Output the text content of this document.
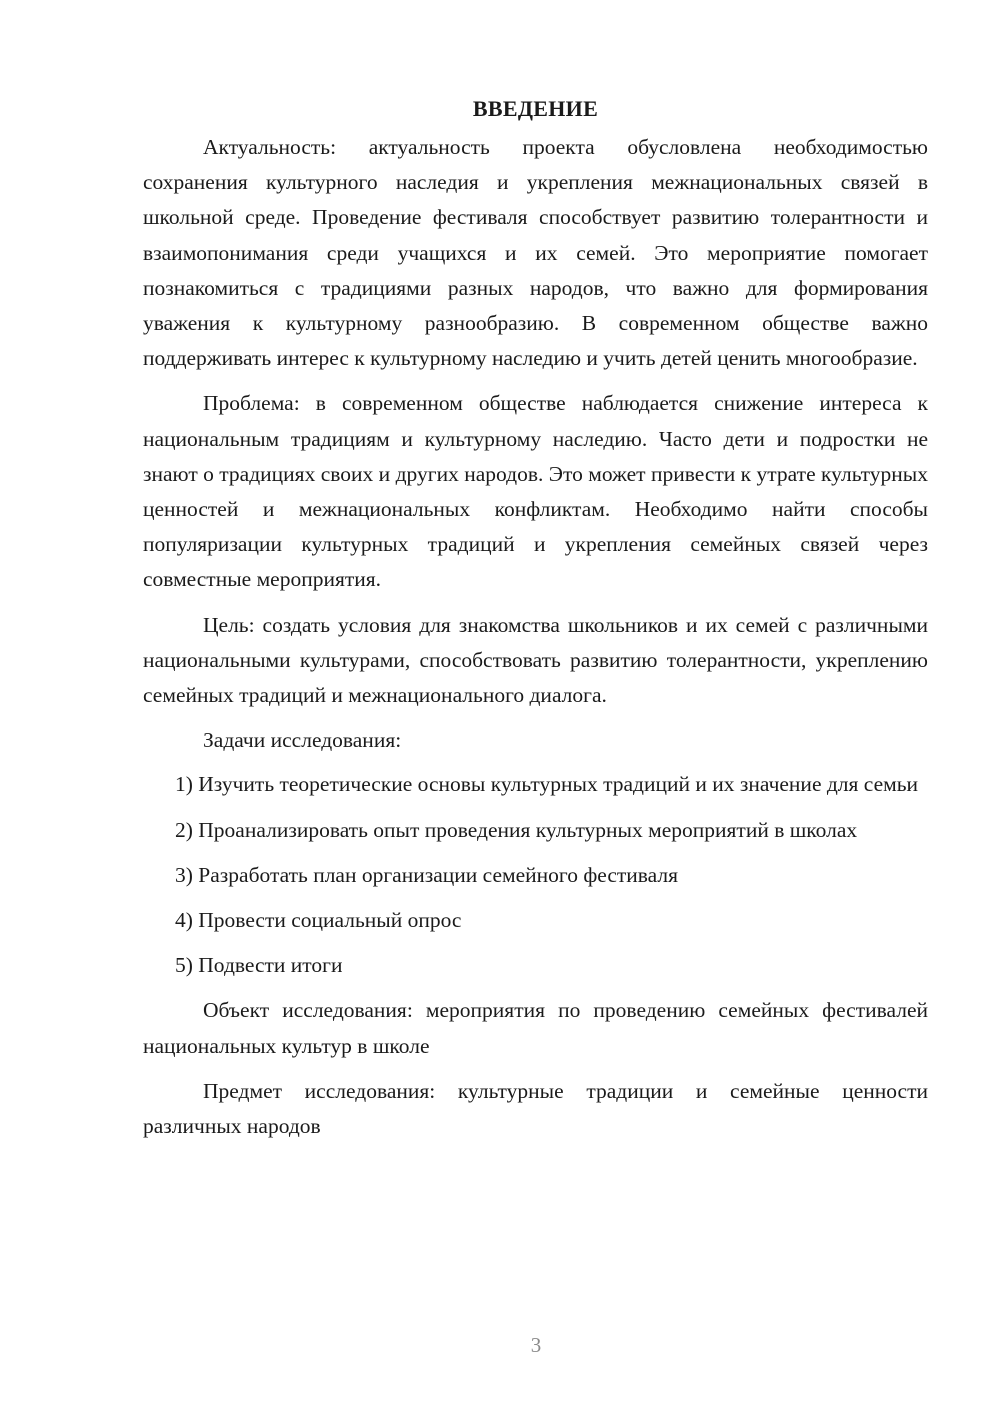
ВВЕДЕНИЕ

Актуальность: актуальность проекта обусловлена необходимостью сохранения культурного наследия и укрепления межнациональных связей в школьной среде. Проведение фестиваля способствует развитию толерантности и взаимопонимания среди учащихся и их семей. Это мероприятие помогает познакомиться с традициями разных народов, что важно для формирования уважения к культурному разнообразию. В современном обществе важно поддерживать интерес к культурному наследию и учить детей ценить многообразие.

Проблема: в современном обществе наблюдается снижение интереса к национальным традициям и культурному наследию. Часто дети и подростки не знают о традициях своих и других народов. Это может привести к утрате культурных ценностей и межнациональных конфликтам. Необходимо найти способы популяризации культурных традиций и укрепления семейных связей через совместные мероприятия.

Цель: создать условия для знакомства школьников и их семей с различными национальными культурами, способствовать развитию толерантности, укреплению семейных традиций и межнационального диалога.

Задачи исследования:

1) Изучить теоретические основы культурных традиций и их значение для семьи

2) Проанализировать опыт проведения культурных мероприятий в школах

3) Разработать план организации семейного фестиваля

4) Провести социальный опрос

5) Подвести итоги

Объект исследования: мероприятия по проведению семейных фестивалей национальных культур в школе

Предмет исследования: культурные традиции и семейные ценности различных народов

3
